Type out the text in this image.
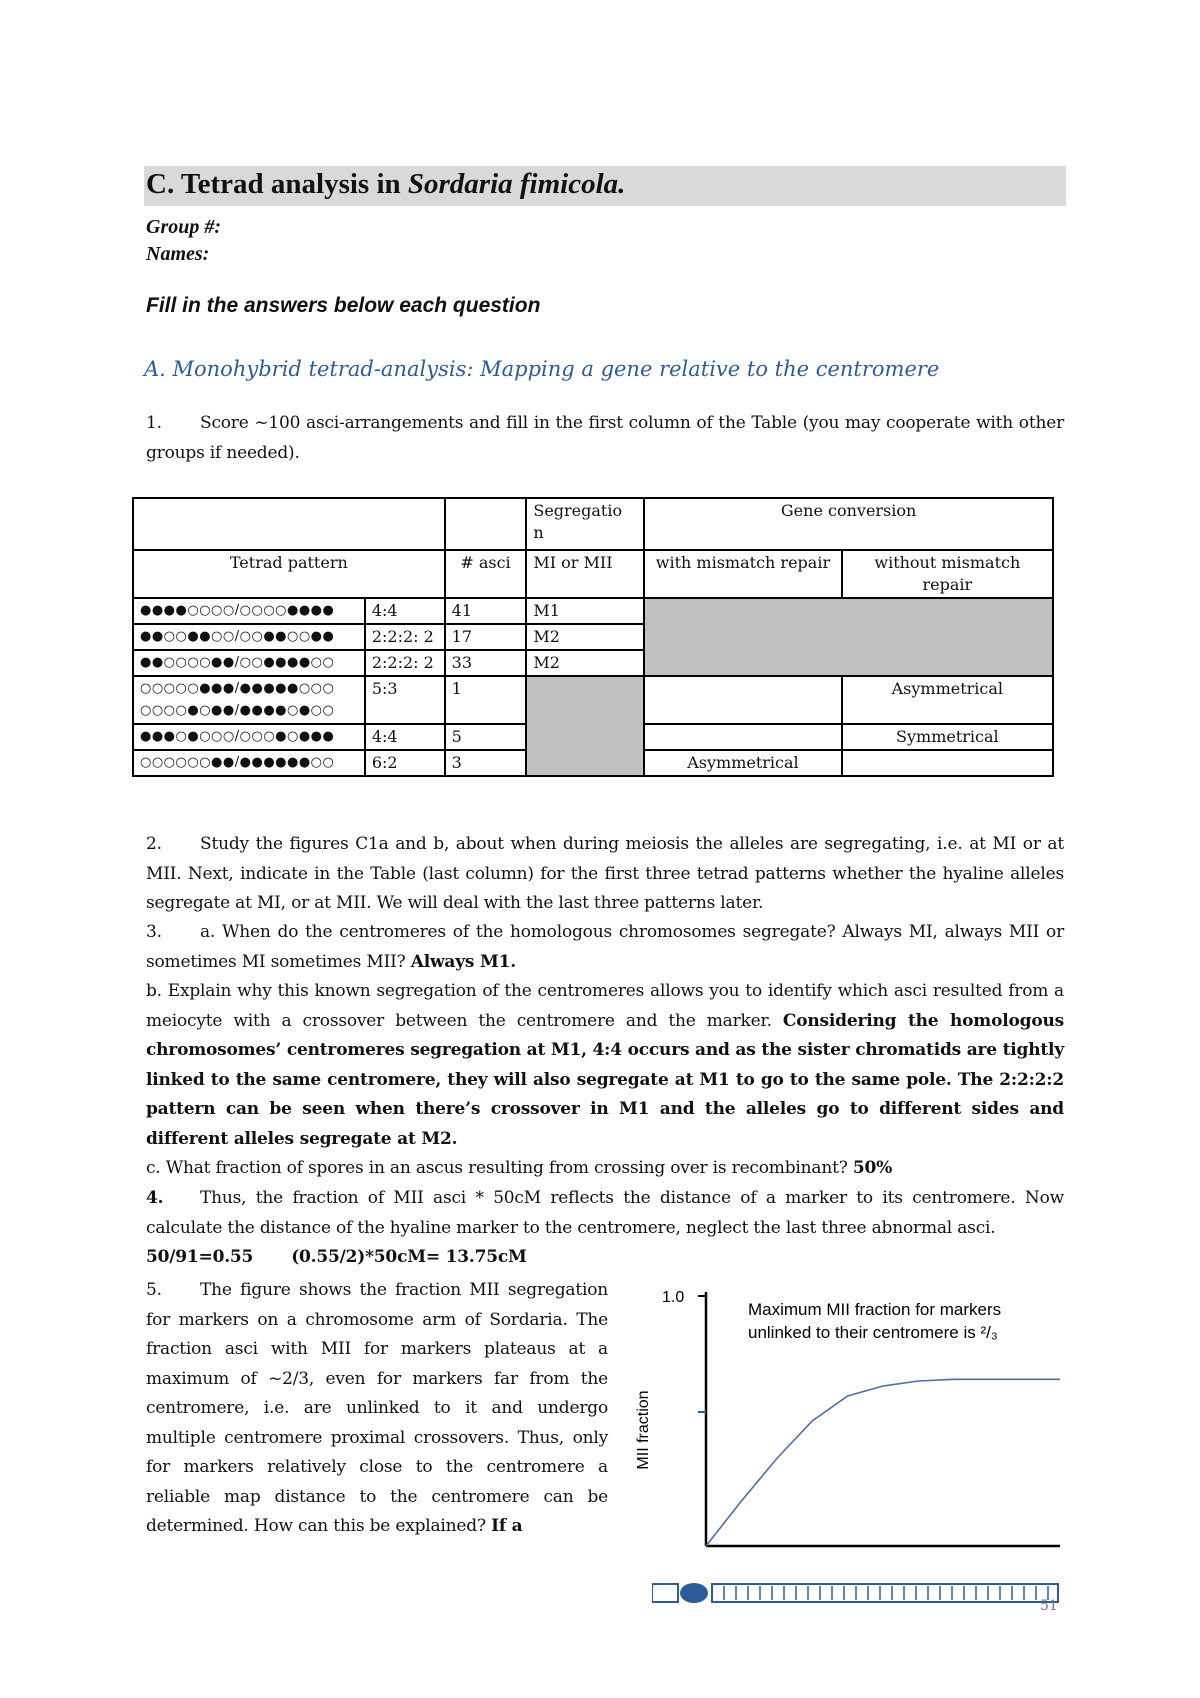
C. Tetrad analysis in Sordaria fimicola.
Group #:
Names:
Fill in the answers below each question
A. Monohybrid tetrad-analysis: Mapping a gene relative to the centromere
1. Score ~100 asci-arrangements and fill in the first column of the Table (you may cooperate with other groups if needed).
			Segregatio n	Gene conversion	
Tetrad pattern		# asci	MI or MII	with mismatch repair	without mismatch repair
●●●●○○○○/○○○○●●●●	4:4	41	M1		
●●○○●●○○/○○●●○○●●	2:2:2: 2	17	M2		
●●○○○○●●/○○●●●●○○	2:2:2: 2	33	M2		
○○○○○●●●/●●●●●○○○ ○○○○●○●●/●●●●○●○○	5:3	1			Asymmetrical
●●●○●○○○/○○○●○●●●	4:4	5			Symmetrical
○○○○○○●●/●●●●●●○○	6:2	3		Asymmetrical	
2. Study the figures C1a and b, about when during meiosis the alleles are segregating, i.e. at MI or at MII. Next, indicate in the Table (last column) for the first three tetrad patterns whether the hyaline alleles segregate at MI, or at MII. We will deal with the last three patterns later.
3. a. When do the centromeres of the homologous chromosomes segregate? Always MI, always MII or sometimes MI sometimes MII? Always M1.
b. Explain why this known segregation of the centromeres allows you to identify which asci resulted from a meiocyte with a crossover between the centromere and the marker. Considering the homologous chromosomes’ centromeres segregation at M1, 4:4 occurs and as the sister chromatids are tightly linked to the same centromere, they will also segregate at M1 to go to the same pole. The 2:2:2:2 pattern can be seen when there’s crossover in M1 and the alleles go to different sides and different alleles segregate at M2.
c. What fraction of spores in an ascus resulting from crossing over is recombinant? 50%
4. Thus, the fraction of MII asci * 50cM reflects the distance of a marker to its centromere. Now calculate the distance of the hyaline marker to the centromere, neglect the last three abnormal asci.
50/91=0.55 (0.55/2)*50cM= 13.75cM
5. The figure shows the fraction MII segregation for markers on a chromosome arm of Sordaria. The fraction asci with MII for markers plateaus at a maximum of ~2/3, even for markers far from the centromere, i.e. are unlinked to it and undergo multiple centromere proximal crossovers. Thus, only for markers relatively close to the centromere a reliable map distance to the centromere can be determined. How can this be explained? If a
Maximum MII fraction for markers
unlinked to their centromere is ²/₃
MII fraction
1.0
51
